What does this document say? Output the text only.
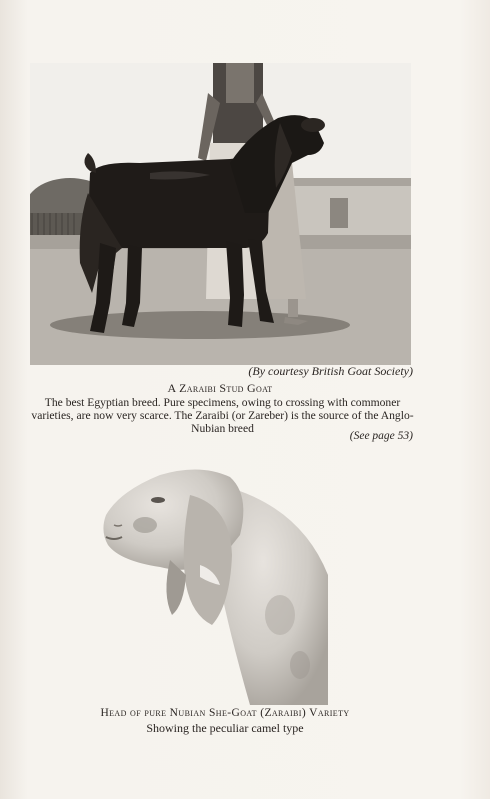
(By courtesy British Goat Society)
A Zaraibi Stud Goat
The best Egyptian breed. Pure specimens, owing to crossing with commoner varieties, are now very scarce. The Zaraibi (or Zareber) is the source of the Anglo-Nubian breed
(See page 53)
Head of pure Nubian She-Goat (Zaraibi) Variety
Showing the peculiar camel type
